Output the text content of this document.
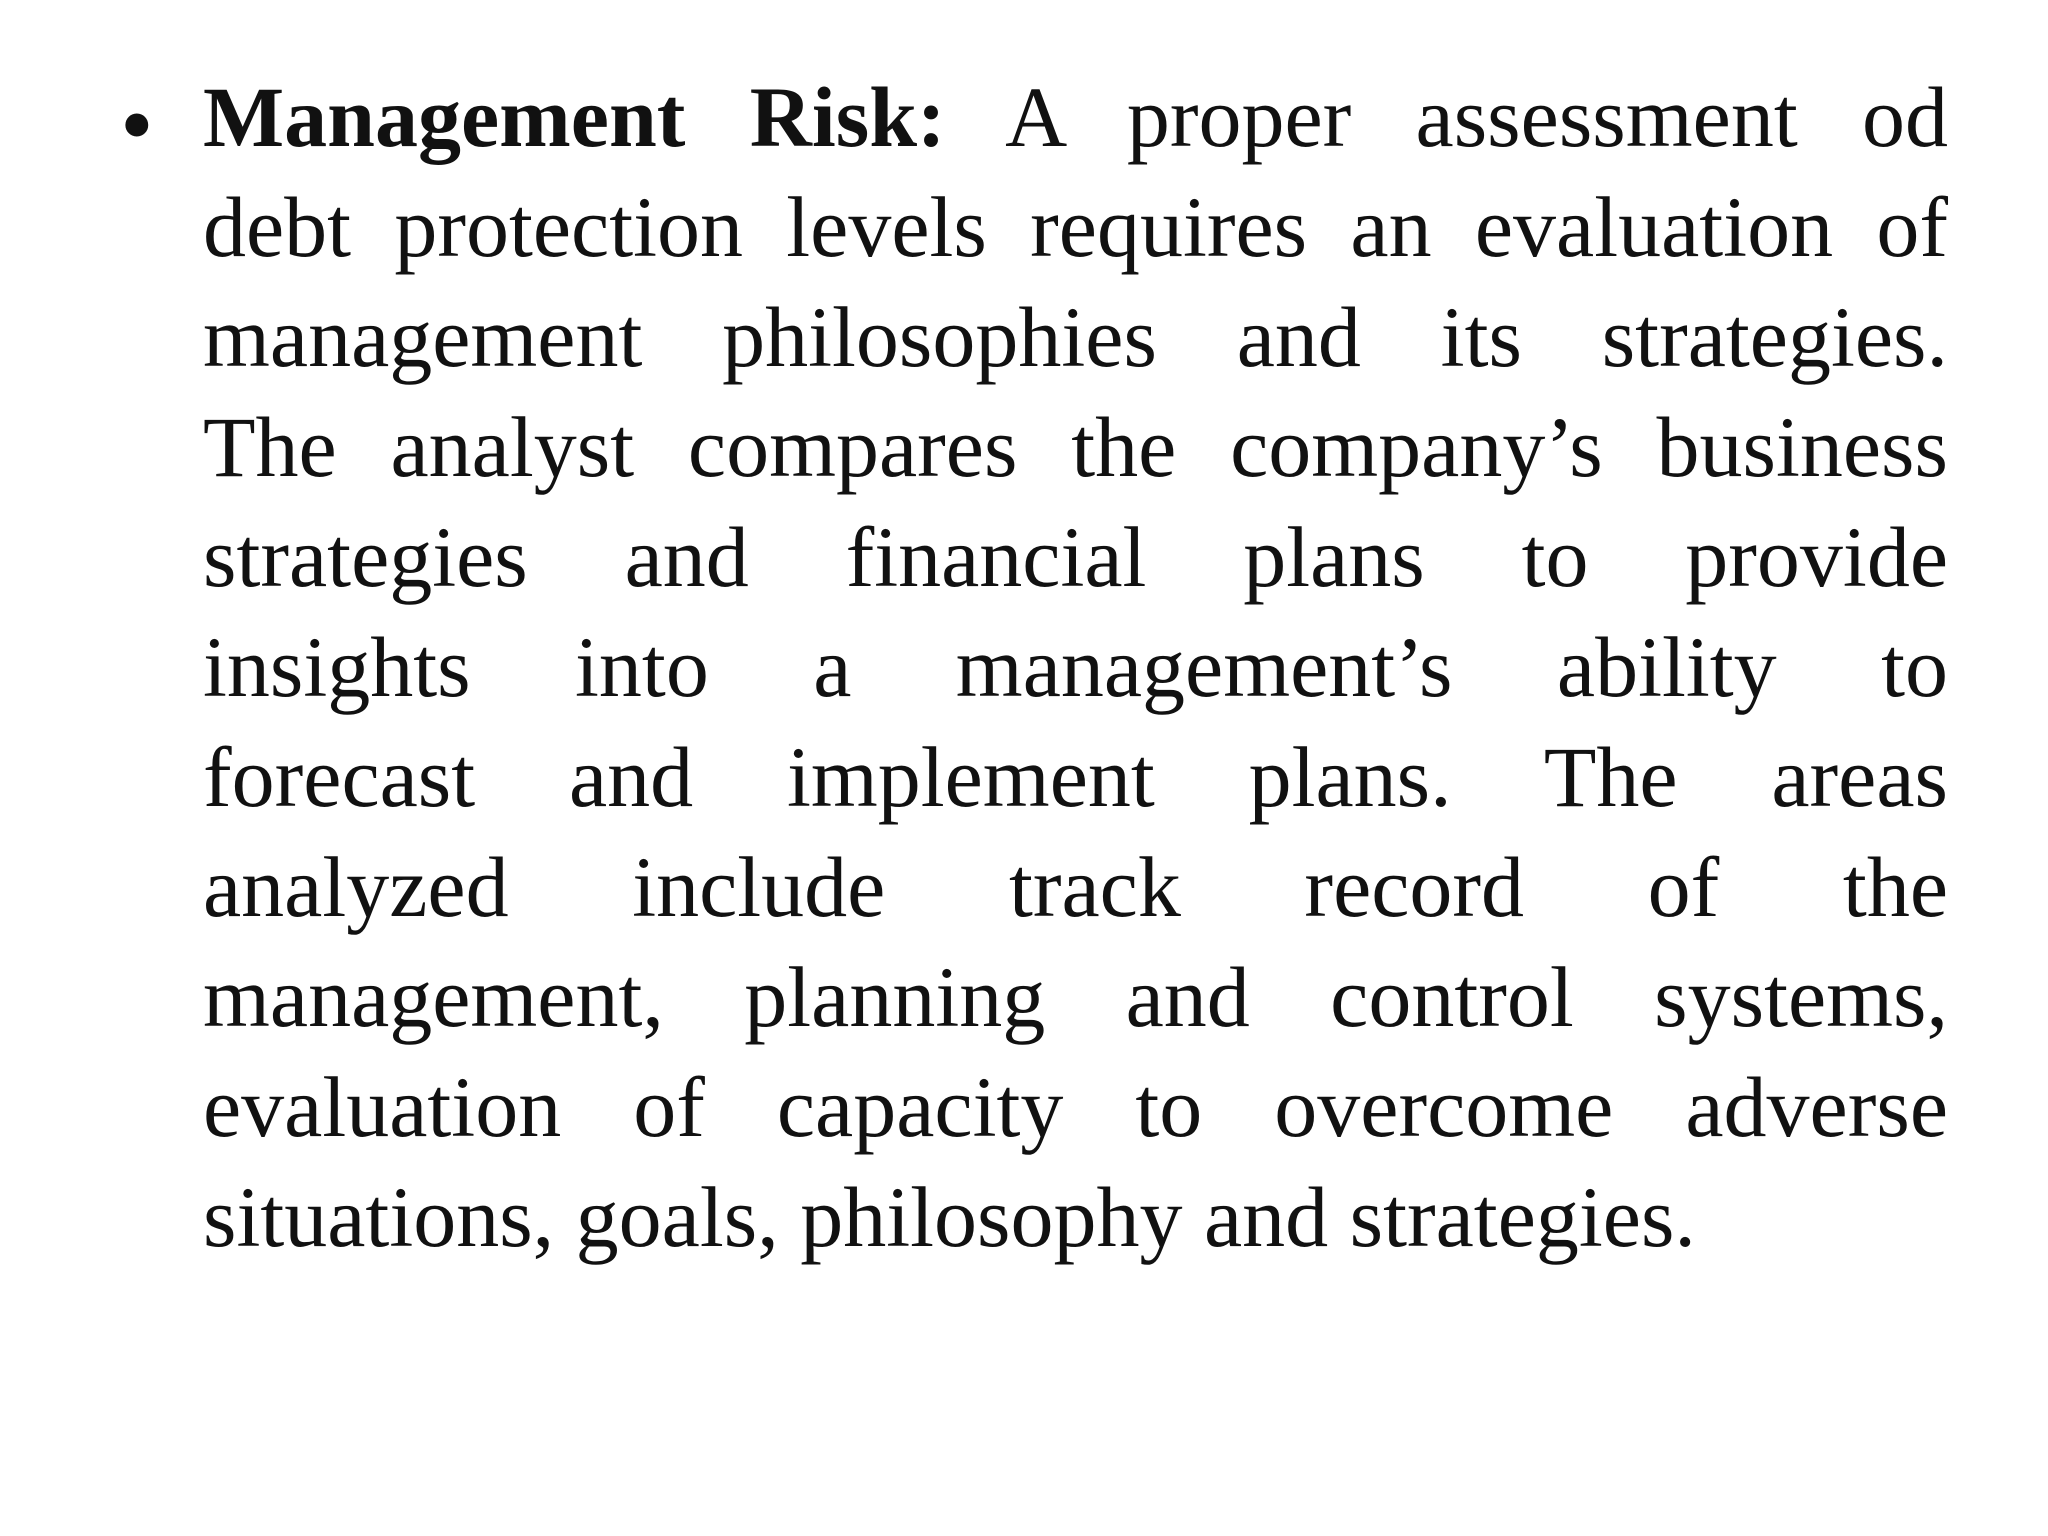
• Management Risk: A proper assessment od
debt protection levels requires an evaluation of
management philosophies and its strategies.
The analyst compares the company’s business
strategies and financial plans to provide
insights into a management’s ability to
forecast and implement plans. The areas
analyzed include track record of the
management, planning and control systems,
evaluation of capacity to overcome adverse
situations, goals, philosophy and strategies.
